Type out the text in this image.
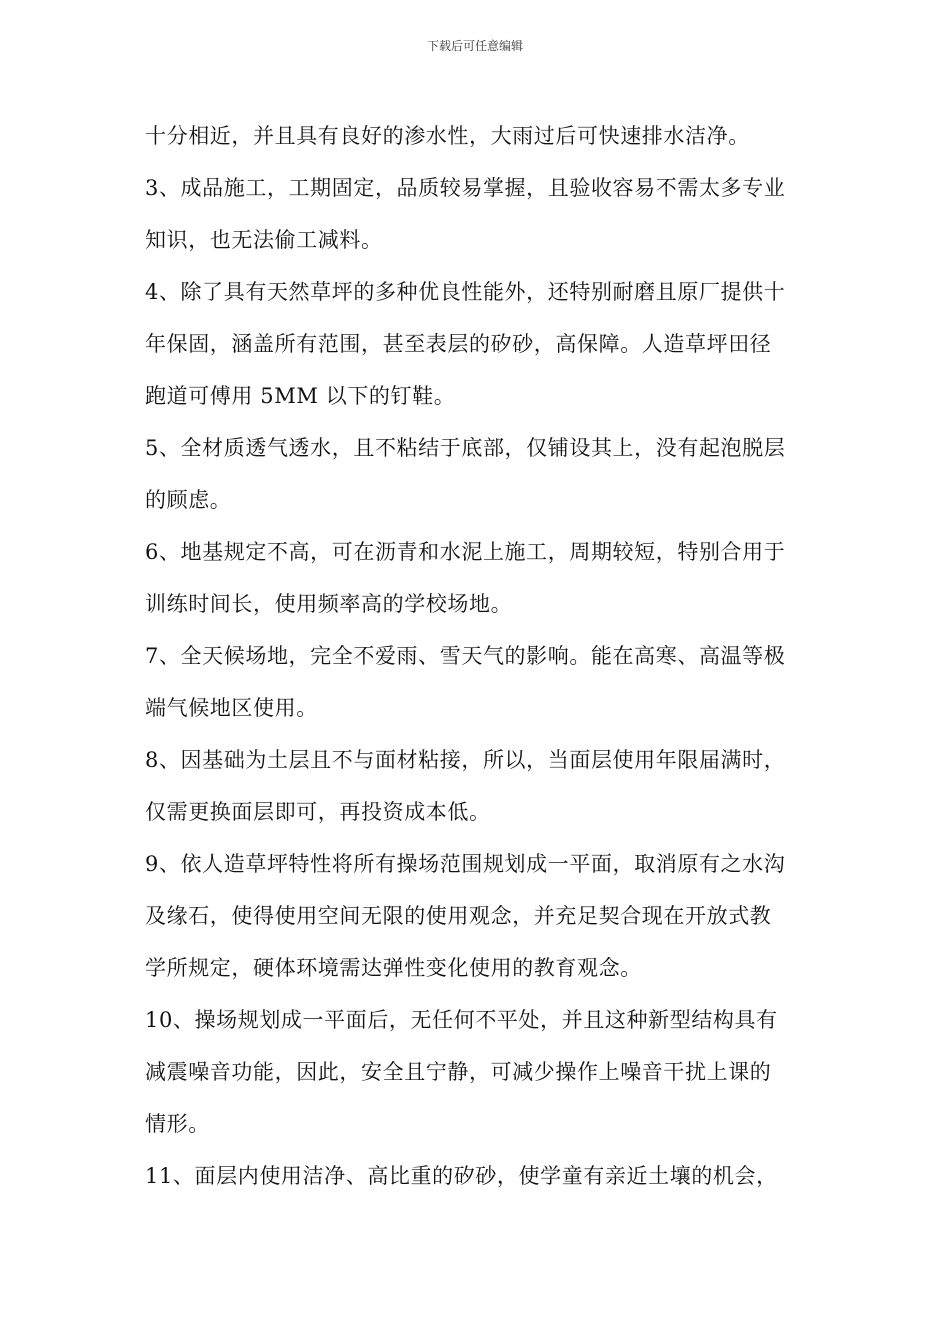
下载后可任意编辑
十分相近，并且具有良好的渗水性，大雨过后可快速排水洁净。
3、成品施工，工期固定，品质较易掌握，且验收容易不需太多专业
知识，也无法偷工减料。
4、除了具有天然草坪的多种优良性能外，还特别耐磨且原厂提供十
年保固，涵盖所有范围，甚至表层的矽砂，高保障。人造草坪田径
跑道可傅用 5MM 以下的钉鞋。
5、全材质透气透水，且不粘结于底部，仅铺设其上，没有起泡脱层
的顾虑。
6、地基规定不高，可在沥青和水泥上施工，周期较短，特别合用于
训练时间长，使用频率高的学校场地。
7、全天候场地，完全不爱雨、雪天气的影响。能在高寒、高温等极
端气候地区使用。
8、因基础为土层且不与面材粘接，所以，当面层使用年限届满时，
仅需更换面层即可，再投资成本低。
9、依人造草坪特性将所有操场范围规划成一平面，取消原有之水沟
及缘石，使得使用空间无限的使用观念，并充足契合现在开放式教
学所规定，硬体环境需达弹性变化使用的教育观念。
10、操场规划成一平面后，无任何不平处，并且这种新型结构具有
减震噪音功能，因此，安全且宁静，可减少操作上噪音干扰上课的
情形。
11、面层内使用洁净、高比重的矽砂，使学童有亲近土壤的机会，
